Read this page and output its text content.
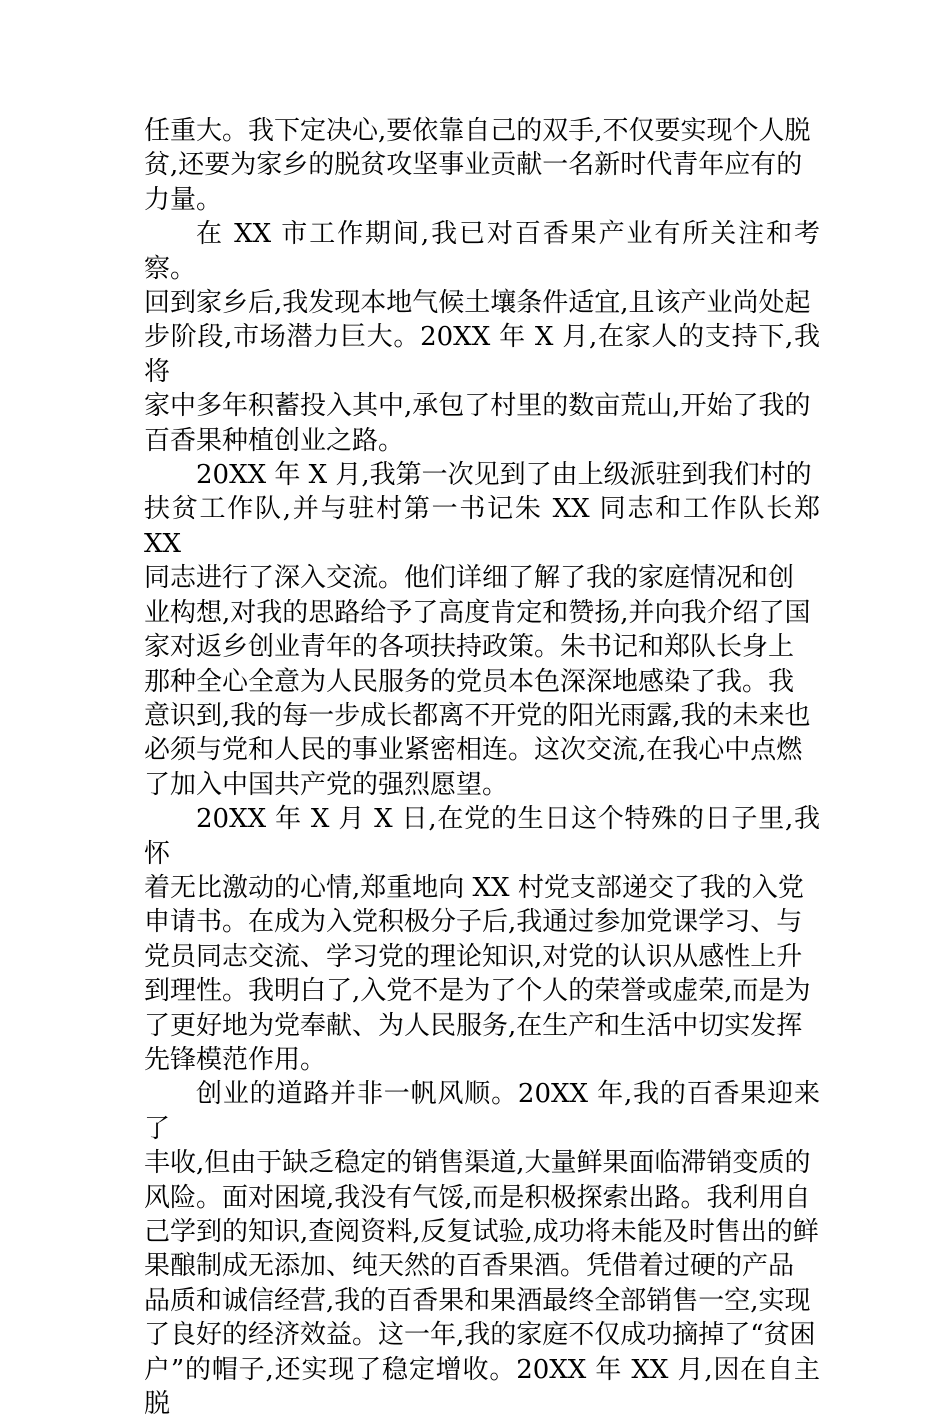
任重大。我下定决心,要依靠自己的双手,不仅要实现个人脱
贫,还要为家乡的脱贫攻坚事业贡献一名新时代青年应有的
力量。

在 XX 市工作期间,我已对百香果产业有所关注和考察。
回到家乡后,我发现本地气候土壤条件适宜,且该产业尚处起
步阶段,市场潜力巨大。20XX 年 X 月,在家人的支持下,我将
家中多年积蓄投入其中,承包了村里的数亩荒山,开始了我的
百香果种植创业之路。

20XX 年 X 月,我第一次见到了由上级派驻到我们村的
扶贫工作队,并与驻村第一书记朱 XX 同志和工作队长郑 XX
同志进行了深入交流。他们详细了解了我的家庭情况和创
业构想,对我的思路给予了高度肯定和赞扬,并向我介绍了国
家对返乡创业青年的各项扶持政策。朱书记和郑队长身上
那种全心全意为人民服务的党员本色深深地感染了我。我
意识到,我的每一步成长都离不开党的阳光雨露,我的未来也
必须与党和人民的事业紧密相连。这次交流,在我心中点燃
了加入中国共产党的强烈愿望。

20XX 年 X 月 X 日,在党的生日这个特殊的日子里,我怀
着无比激动的心情,郑重地向 XX 村党支部递交了我的入党
申请书。在成为入党积极分子后,我通过参加党课学习、与
党员同志交流、学习党的理论知识,对党的认识从感性上升
到理性。我明白了,入党不是为了个人的荣誉或虚荣,而是为
了更好地为党奉献、为人民服务,在生产和生活中切实发挥
先锋模范作用。

创业的道路并非一帆风顺。20XX 年,我的百香果迎来了
丰收,但由于缺乏稳定的销售渠道,大量鲜果面临滞销变质的
风险。面对困境,我没有气馁,而是积极探索出路。我利用自
己学到的知识,查阅资料,反复试验,成功将未能及时售出的鲜
果酿制成无添加、纯天然的百香果酒。凭借着过硬的产品
品质和诚信经营,我的百香果和果酒最终全部销售一空,实现
了良好的经济效益。这一年,我的家庭不仅成功摘掉了“贫困
户”的帽子,还实现了稳定增收。20XX 年 XX 月,因在自主脱
